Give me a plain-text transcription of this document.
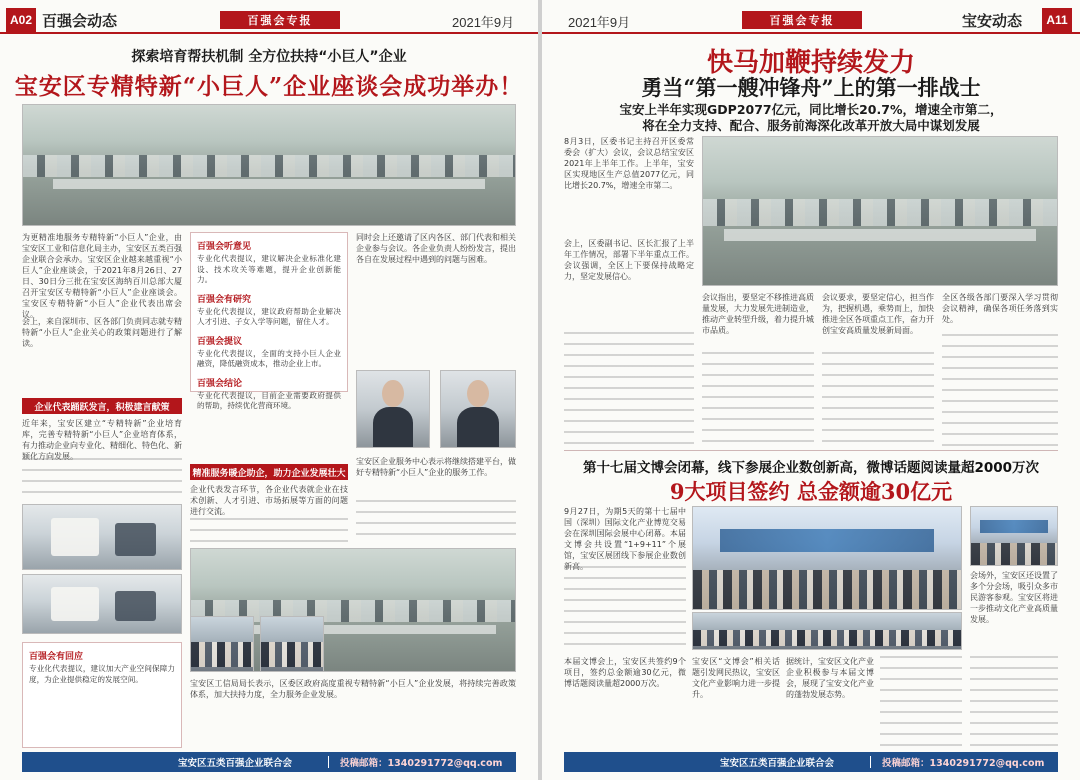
A02 百强会动态	百强会专报	2021年9月
探索培育帮扶机制 全方位扶持“小巨人”企业
宝安区专精特新“小巨人”企业座谈会成功举办！
为更精准地服务专精特新“小巨人”企业，由宝安区工业和信息化局主办，宝安区五类百强企业联合会承办。宝安区企业越来越重视“小巨人”企业座谈会，于2021年8月26日、27日、30日分三批在宝安区海纳百川总部大厦召开宝安区专精特新“小巨人”企业座谈会。宝安区专精特新“小巨人”企业代表出席会议。
会上，来自深圳市、区各部门负责同志就专精特新“小巨人”企业关心的政策问题进行了解读。
百强会听意见
专业化代表提议，建议解决企业标准化建设、技术攻关等难题，提升企业创新能力。
百强会有研究
专业化代表提议，建议政府帮助企业解决人才引进、子女入学等问题，留住人才。
百强会提议
专业化代表提议，全面的支持小巨人企业融资，降低融资成本，推动企业上市。
百强会结论
专业化代表提议，目前企业需要政府提供的帮助，持续优化营商环境。
同时会上还邀请了区内各区、部门代表和相关企业参与会议。各企业负责人纷纷发言，提出各自在发展过程中遇到的问题与困难。
企业代表踊跃发言，积极建言献策
近年来，宝安区建立“专精特新”企业培育库，完善专精特新“小巨人”企业培育体系，有力推动企业向专业化、精细化、特色化、新颖化方向发展。
精准服务暖企助企，助力企业发展壮大
企业代表发言环节，各企业代表就企业在技术创新、人才引进、市场拓展等方面的问题进行交流。
宝安区企业服务中心表示将继续搭建平台，做好专精特新“小巨人”企业的服务工作。
百强会有回应
专业化代表提议，建议加大产业空间保障力度，为企业提供稳定的发展空间。	宝安区工信局局长表示，区委区政府高度重视专精特新“小巨人”企业发展，将持续完善政策体系，加大扶持力度，全力服务企业发展。
宝安区五类百强企业联合会	投稿邮箱：1340291772@qq.com
2021年9月	百强会专报	宝安动态	A11
快马加鞭持续发力
勇当“第一艘冲锋舟”上的第一排战士
宝安上半年实现GDP2077亿元，同比增长20.7%，增速全市第二，
将在全力支持、配合、服务前海深化改革开放大局中谋划发展
8月3日，区委书记主持召开区委常委会（扩大）会议，会议总结宝安区2021年上半年工作。上半年，宝安区实现地区生产总值2077亿元，同比增长20.7%，增速全市第二。
会上，区委副书记、区长汇报了上半年工作情况，部署下半年重点工作。会议强调，全区上下要保持战略定力，坚定发展信心。
会议指出，要坚定不移推进高质量发展，大力发展先进制造业，推动产业转型升级，着力提升城市品质。
会议要求，要坚定信心，担当作为，把握机遇，乘势而上，加快推进全区各项重点工作，奋力开创宝安高质量发展新局面。
全区各级各部门要深入学习贯彻会议精神，确保各项任务落到实处。
第十七届文博会闭幕，线下参展企业数创新高，微博话题阅读量超2000万次
9大项目签约 总金额逾30亿元
9月27日，为期5天的第十七届中国（深圳）国际文化产业博览交易会在深圳国际会展中心闭幕。本届文博会共设置“1+9+11”个展馆，宝安区展团线下参展企业数创新高。
会场外，宝安区还设置了多个分会场，吸引众多市民游客参观。宝安区将进一步推动文化产业高质量发展。
本届文博会上，宝安区共签约9个项目，签约总金额逾30亿元，微博话题阅读量超2000万次。
宝安区“文博会”相关话题引发网民热议，宝安区文化产业影响力进一步提升。
据统计，宝安区文化产业企业积极参与本届文博会，展现了宝安文化产业的蓬勃发展态势。
宝安区五类百强企业联合会	投稿邮箱：1340291772@qq.com
